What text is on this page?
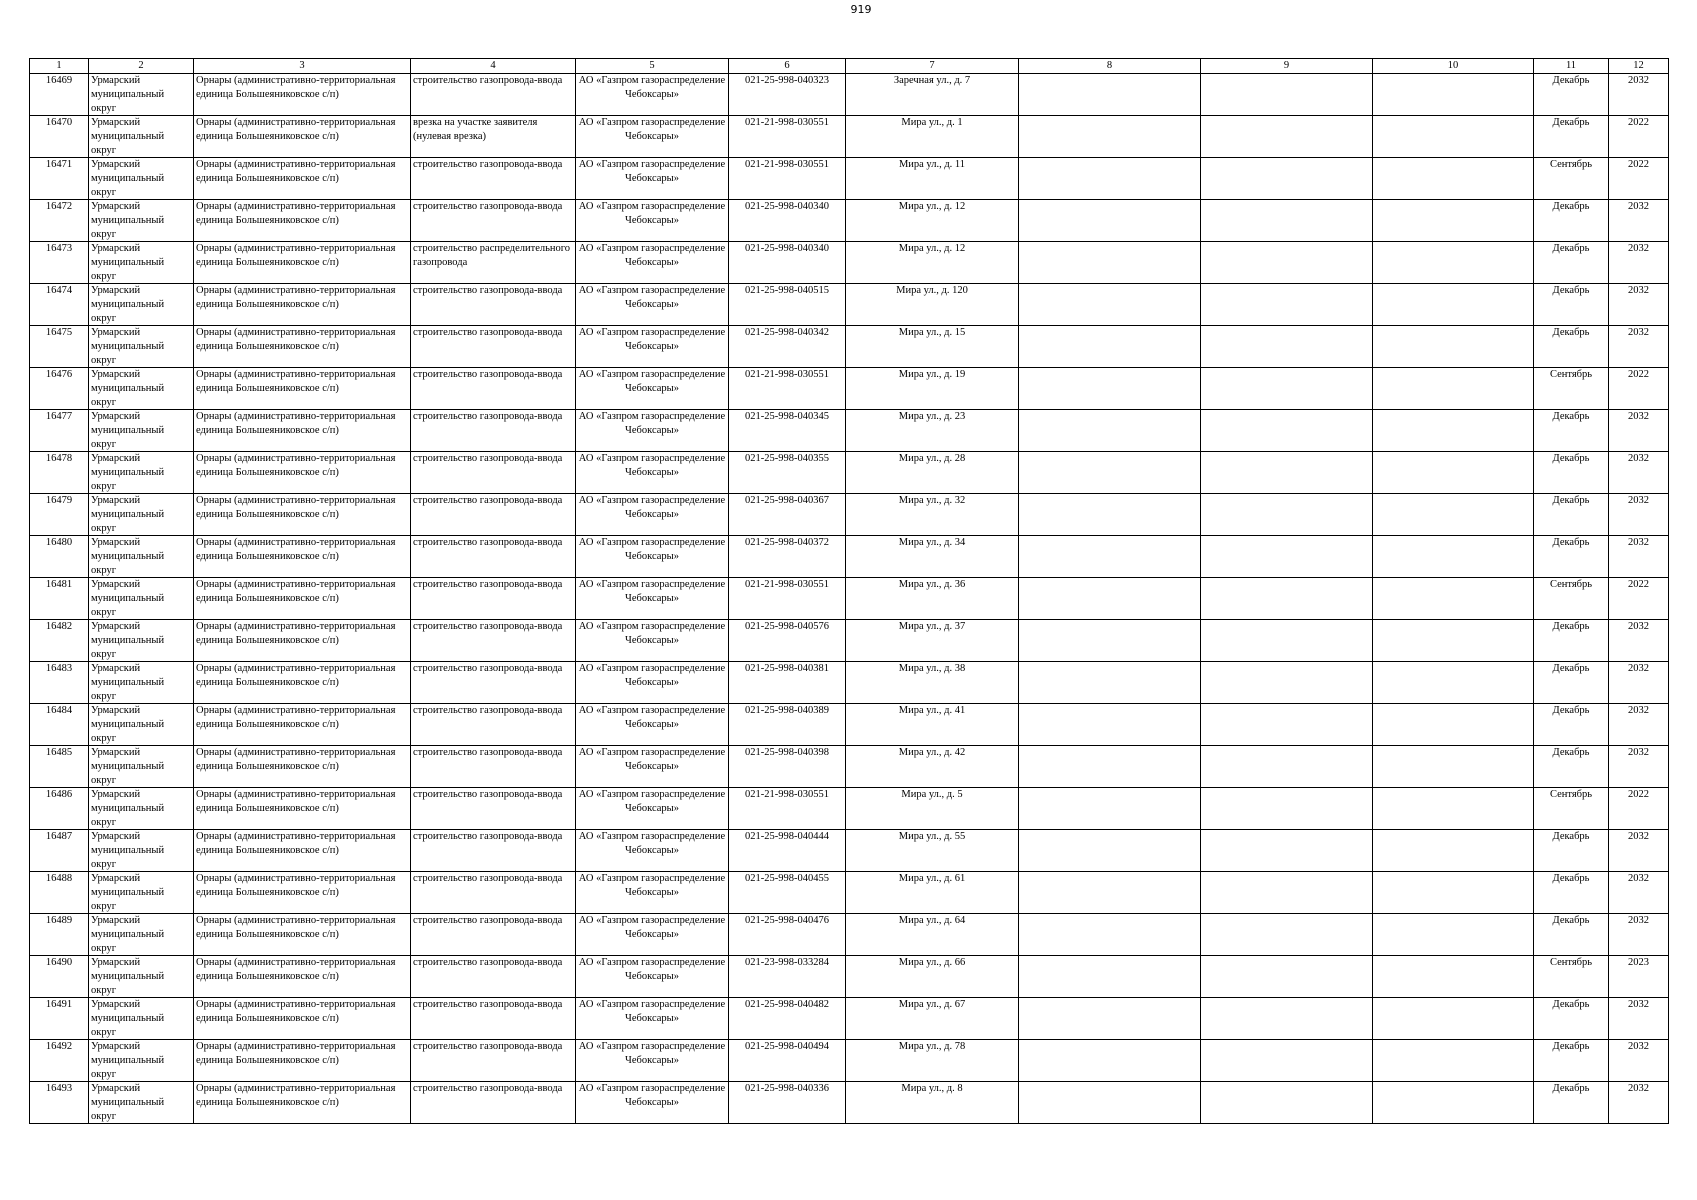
919
1	2	3	4	5	6	7	8	9	10	11	12

16469	Урмарский муниципальный округ	Орнары (административно-территориальная единица Большеяниковское с/п)	строительство газопровода-ввода	АО «Газпром газораспределение Чебоксары»	021-25-998-040323	Заречная ул., д. 7				Декабрь	2032

16470	Урмарский муниципальный округ	Орнары (административно-территориальная единица Большеяниковское с/п)	врезка на участке заявителя (нулевая врезка)	АО «Газпром газораспределение Чебоксары»	021-21-998-030551	Мира ул., д. 1				Декабрь	2022

16471	Урмарский муниципальный округ	Орнары (административно-территориальная единица Большеяниковское с/п)	строительство газопровода-ввода	АО «Газпром газораспределение Чебоксары»	021-21-998-030551	Мира ул., д. 11				Сентябрь	2022

16472	Урмарский муниципальный округ	Орнары (административно-территориальная единица Большеяниковское с/п)	строительство газопровода-ввода	АО «Газпром газораспределение Чебоксары»	021-25-998-040340	Мира ул., д. 12				Декабрь	2032

16473	Урмарский муниципальный округ	Орнары (административно-территориальная единица Большеяниковское с/п)	строительство распределительного газопровода	АО «Газпром газораспределение Чебоксары»	021-25-998-040340	Мира ул., д. 12				Декабрь	2032

16474	Урмарский муниципальный округ	Орнары (административно-территориальная единица Большеяниковское с/п)	строительство газопровода-ввода	АО «Газпром газораспределение Чебоксары»	021-25-998-040515	Мира ул., д. 120				Декабрь	2032

16475	Урмарский муниципальный округ	Орнары (административно-территориальная единица Большеяниковское с/п)	строительство газопровода-ввода	АО «Газпром газораспределение Чебоксары»	021-25-998-040342	Мира ул., д. 15				Декабрь	2032

16476	Урмарский муниципальный округ	Орнары (административно-территориальная единица Большеяниковское с/п)	строительство газопровода-ввода	АО «Газпром газораспределение Чебоксары»	021-21-998-030551	Мира ул., д. 19				Сентябрь	2022

16477	Урмарский муниципальный округ	Орнары (административно-территориальная единица Большеяниковское с/п)	строительство газопровода-ввода	АО «Газпром газораспределение Чебоксары»	021-25-998-040345	Мира ул., д. 23				Декабрь	2032

16478	Урмарский муниципальный округ	Орнары (административно-территориальная единица Большеяниковское с/п)	строительство газопровода-ввода	АО «Газпром газораспределение Чебоксары»	021-25-998-040355	Мира ул., д. 28				Декабрь	2032

16479	Урмарский муниципальный округ	Орнары (административно-территориальная единица Большеяниковское с/п)	строительство газопровода-ввода	АО «Газпром газораспределение Чебоксары»	021-25-998-040367	Мира ул., д. 32				Декабрь	2032

16480	Урмарский муниципальный округ	Орнары (административно-территориальная единица Большеяниковское с/п)	строительство газопровода-ввода	АО «Газпром газораспределение Чебоксары»	021-25-998-040372	Мира ул., д. 34				Декабрь	2032

16481	Урмарский муниципальный округ	Орнары (административно-территориальная единица Большеяниковское с/п)	строительство газопровода-ввода	АО «Газпром газораспределение Чебоксары»	021-21-998-030551	Мира ул., д. 36				Сентябрь	2022

16482	Урмарский муниципальный округ	Орнары (административно-территориальная единица Большеяниковское с/п)	строительство газопровода-ввода	АО «Газпром газораспределение Чебоксары»	021-25-998-040576	Мира ул., д. 37				Декабрь	2032

16483	Урмарский муниципальный округ	Орнары (административно-территориальная единица Большеяниковское с/п)	строительство газопровода-ввода	АО «Газпром газораспределение Чебоксары»	021-25-998-040381	Мира ул., д. 38				Декабрь	2032

16484	Урмарский муниципальный округ	Орнары (административно-территориальная единица Большеяниковское с/п)	строительство газопровода-ввода	АО «Газпром газораспределение Чебоксары»	021-25-998-040389	Мира ул., д. 41				Декабрь	2032

16485	Урмарский муниципальный округ	Орнары (административно-территориальная единица Большеяниковское с/п)	строительство газопровода-ввода	АО «Газпром газораспределение Чебоксары»	021-25-998-040398	Мира ул., д. 42				Декабрь	2032

16486	Урмарский муниципальный округ	Орнары (административно-территориальная единица Большеяниковское с/п)	строительство газопровода-ввода	АО «Газпром газораспределение Чебоксары»	021-21-998-030551	Мира ул., д. 5				Сентябрь	2022

16487	Урмарский муниципальный округ	Орнары (административно-территориальная единица Большеяниковское с/п)	строительство газопровода-ввода	АО «Газпром газораспределение Чебоксары»	021-25-998-040444	Мира ул., д. 55				Декабрь	2032

16488	Урмарский муниципальный округ	Орнары (административно-территориальная единица Большеяниковское с/п)	строительство газопровода-ввода	АО «Газпром газораспределение Чебоксары»	021-25-998-040455	Мира ул., д. 61				Декабрь	2032

16489	Урмарский муниципальный округ	Орнары (административно-территориальная единица Большеяниковское с/п)	строительство газопровода-ввода	АО «Газпром газораспределение Чебоксары»	021-25-998-040476	Мира ул., д. 64				Декабрь	2032

16490	Урмарский муниципальный округ	Орнары (административно-территориальная единица Большеяниковское с/п)	строительство газопровода-ввода	АО «Газпром газораспределение Чебоксары»	021-23-998-033284	Мира ул., д. 66				Сентябрь	2023

16491	Урмарский муниципальный округ	Орнары (административно-территориальная единица Большеяниковское с/п)	строительство газопровода-ввода	АО «Газпром газораспределение Чебоксары»	021-25-998-040482	Мира ул., д. 67				Декабрь	2032

16492	Урмарский муниципальный округ	Орнары (административно-территориальная единица Большеяниковское с/п)	строительство газопровода-ввода	АО «Газпром газораспределение Чебоксары»	021-25-998-040494	Мира ул., д. 78				Декабрь	2032

16493	Урмарский муниципальный округ	Орнары (административно-территориальная единица Большеяниковское с/п)	строительство газопровода-ввода	АО «Газпром газораспределение Чебоксары»	021-25-998-040336	Мира ул., д. 8				Декабрь	2032
